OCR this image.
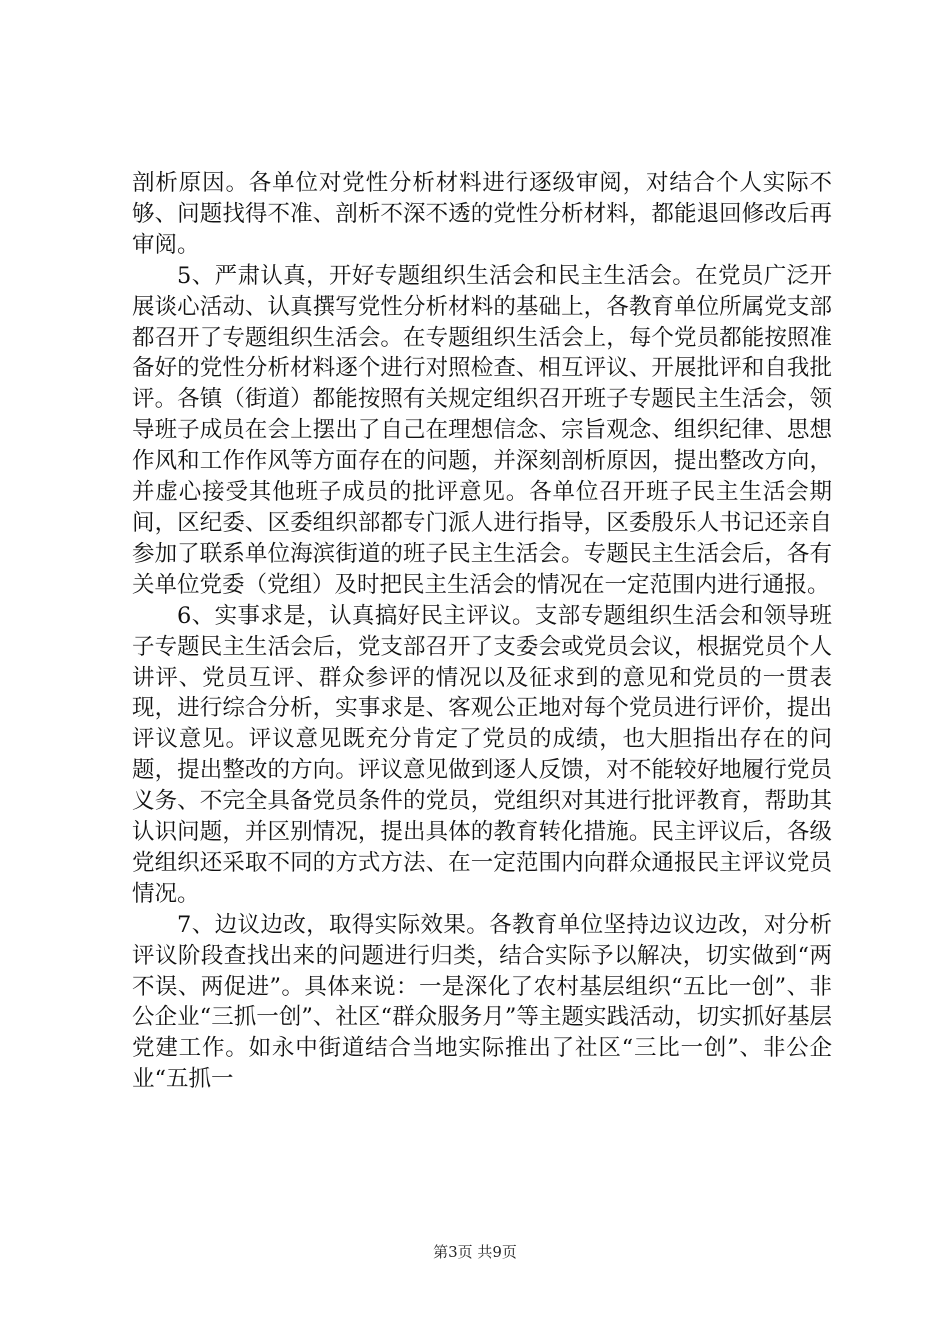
剖析原因。各单位对党性分析材料进行逐级审阅，对结合个人实际不够、问题找得不准、剖析不深不透的党性分析材料，都能退回修改后再审阅。

5、严肃认真，开好专题组织生活会和民主生活会。在党员广泛开展谈心活动、认真撰写党性分析材料的基础上，各教育单位所属党支部都召开了专题组织生活会。在专题组织生活会上，每个党员都能按照准备好的党性分析材料逐个进行对照检查、相互评议、开展批评和自我批评。各镇（街道）都能按照有关规定组织召开班子专题民主生活会，领导班子成员在会上摆出了自己在理想信念、宗旨观念、组织纪律、思想作风和工作作风等方面存在的问题，并深刻剖析原因，提出整改方向，并虚心接受其他班子成员的批评意见。各单位召开班子民主生活会期间，区纪委、区委组织部都专门派人进行指导，区委殷乐人书记还亲自参加了联系单位海滨街道的班子民主生活会。专题民主生活会后，各有关单位党委（党组）及时把民主生活会的情况在一定范围内进行通报。

6、实事求是，认真搞好民主评议。支部专题组织生活会和领导班子专题民主生活会后，党支部召开了支委会或党员会议，根据党员个人讲评、党员互评、群众参评的情况以及征求到的意见和党员的一贯表现，进行综合分析，实事求是、客观公正地对每个党员进行评价，提出评议意见。评议意见既充分肯定了党员的成绩，也大胆指出存在的问题，提出整改的方向。评议意见做到逐人反馈，对不能较好地履行党员义务、不完全具备党员条件的党员，党组织对其进行批评教育，帮助其认识问题，并区别情况，提出具体的教育转化措施。民主评议后，各级党组织还采取不同的方式方法、在一定范围内向群众通报民主评议党员情况。

7、边议边改，取得实际效果。各教育单位坚持边议边改，对分析评议阶段查找出来的问题进行归类，结合实际予以解决，切实做到“两不误、两促进”。具体来说：一是深化了农村基层组织“五比一创”、非公企业“三抓一创”、社区“群众服务月”等主题实践活动，切实抓好基层党建工作。如永中街道结合当地实际推出了社区“三比一创”、非公企业“五抓一

第3页 共9页
